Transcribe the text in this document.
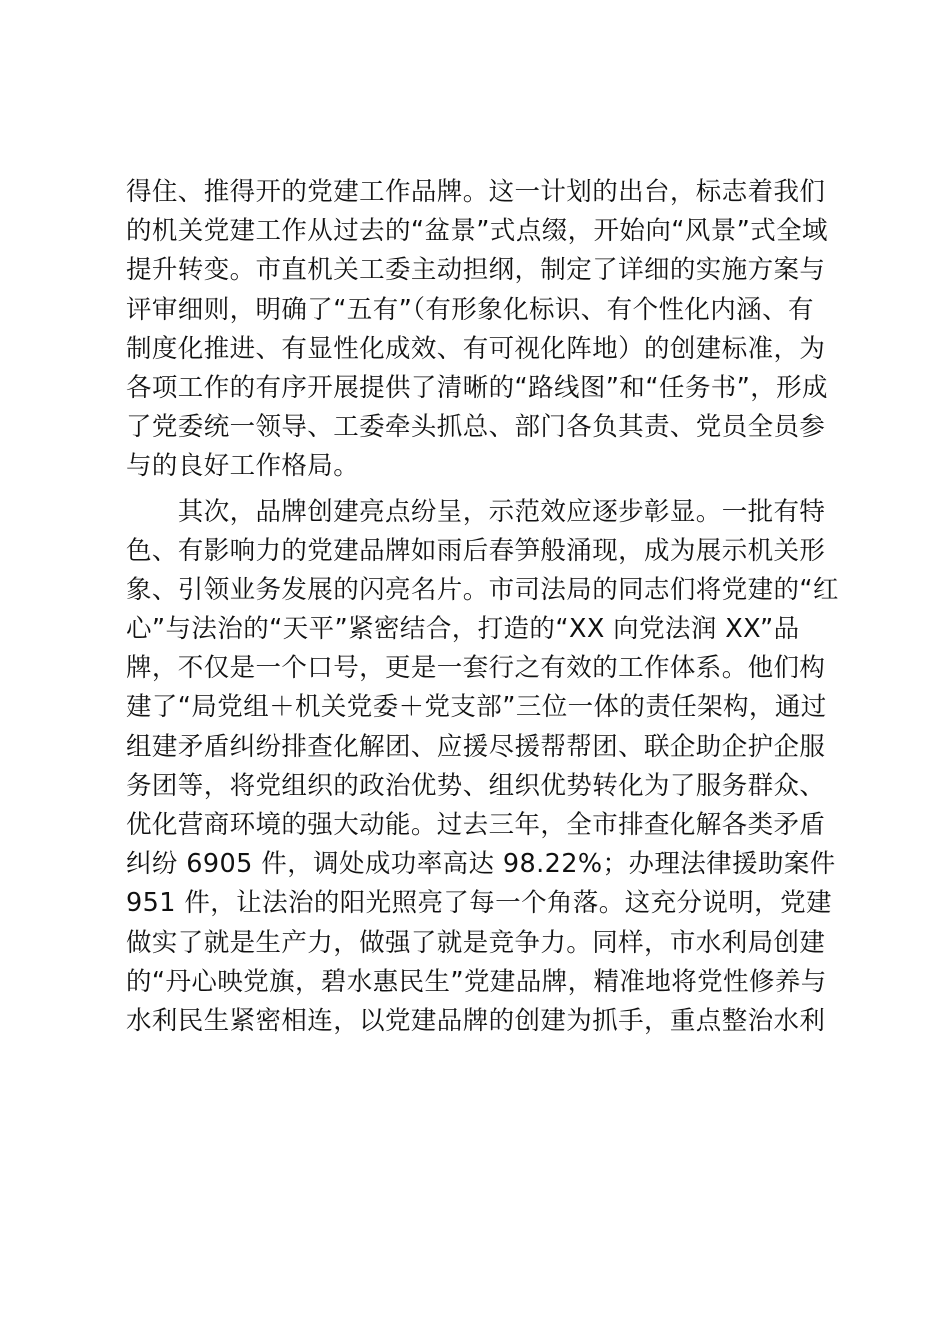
得住、推得开的党建工作品牌。这一计划的出台，标志着我们
的机关党建工作从过去的“盆景”式点缀，开始向“风景”式全域
提升转变。市直机关工委主动担纲，制定了详细的实施方案与
评审细则，明确了“五有”（有形象化标识、有个性化内涵、有
制度化推进、有显性化成效、有可视化阵地）的创建标准，为
各项工作的有序开展提供了清晰的“路线图”和“任务书”，形成
了党委统一领导、工委牵头抓总、部门各负其责、党员全员参
与的良好工作格局。
　　其次，品牌创建亮点纷呈，示范效应逐步彰显。一批有特
色、有影响力的党建品牌如雨后春笋般涌现，成为展示机关形
象、引领业务发展的闪亮名片。市司法局的同志们将党建的“红
心”与法治的“天平”紧密结合，打造的“XX 向党法润 XX”品
牌，不仅是一个口号，更是一套行之有效的工作体系。他们构
建了“局党组＋机关党委＋党支部”三位一体的责任架构，通过
组建矛盾纠纷排查化解团、应援尽援帮帮团、联企助企护企服
务团等，将党组织的政治优势、组织优势转化为了服务群众、
优化营商环境的强大动能。过去三年，全市排查化解各类矛盾
纠纷 6905 件，调处成功率高达 98.22%；办理法律援助案件
951 件，让法治的阳光照亮了每一个角落。这充分说明，党建
做实了就是生产力，做强了就是竞争力。同样，市水利局创建
的“丹心映党旗，碧水惠民生”党建品牌，精准地将党性修养与
水利民生紧密相连，以党建品牌的创建为抓手，重点整治水利
